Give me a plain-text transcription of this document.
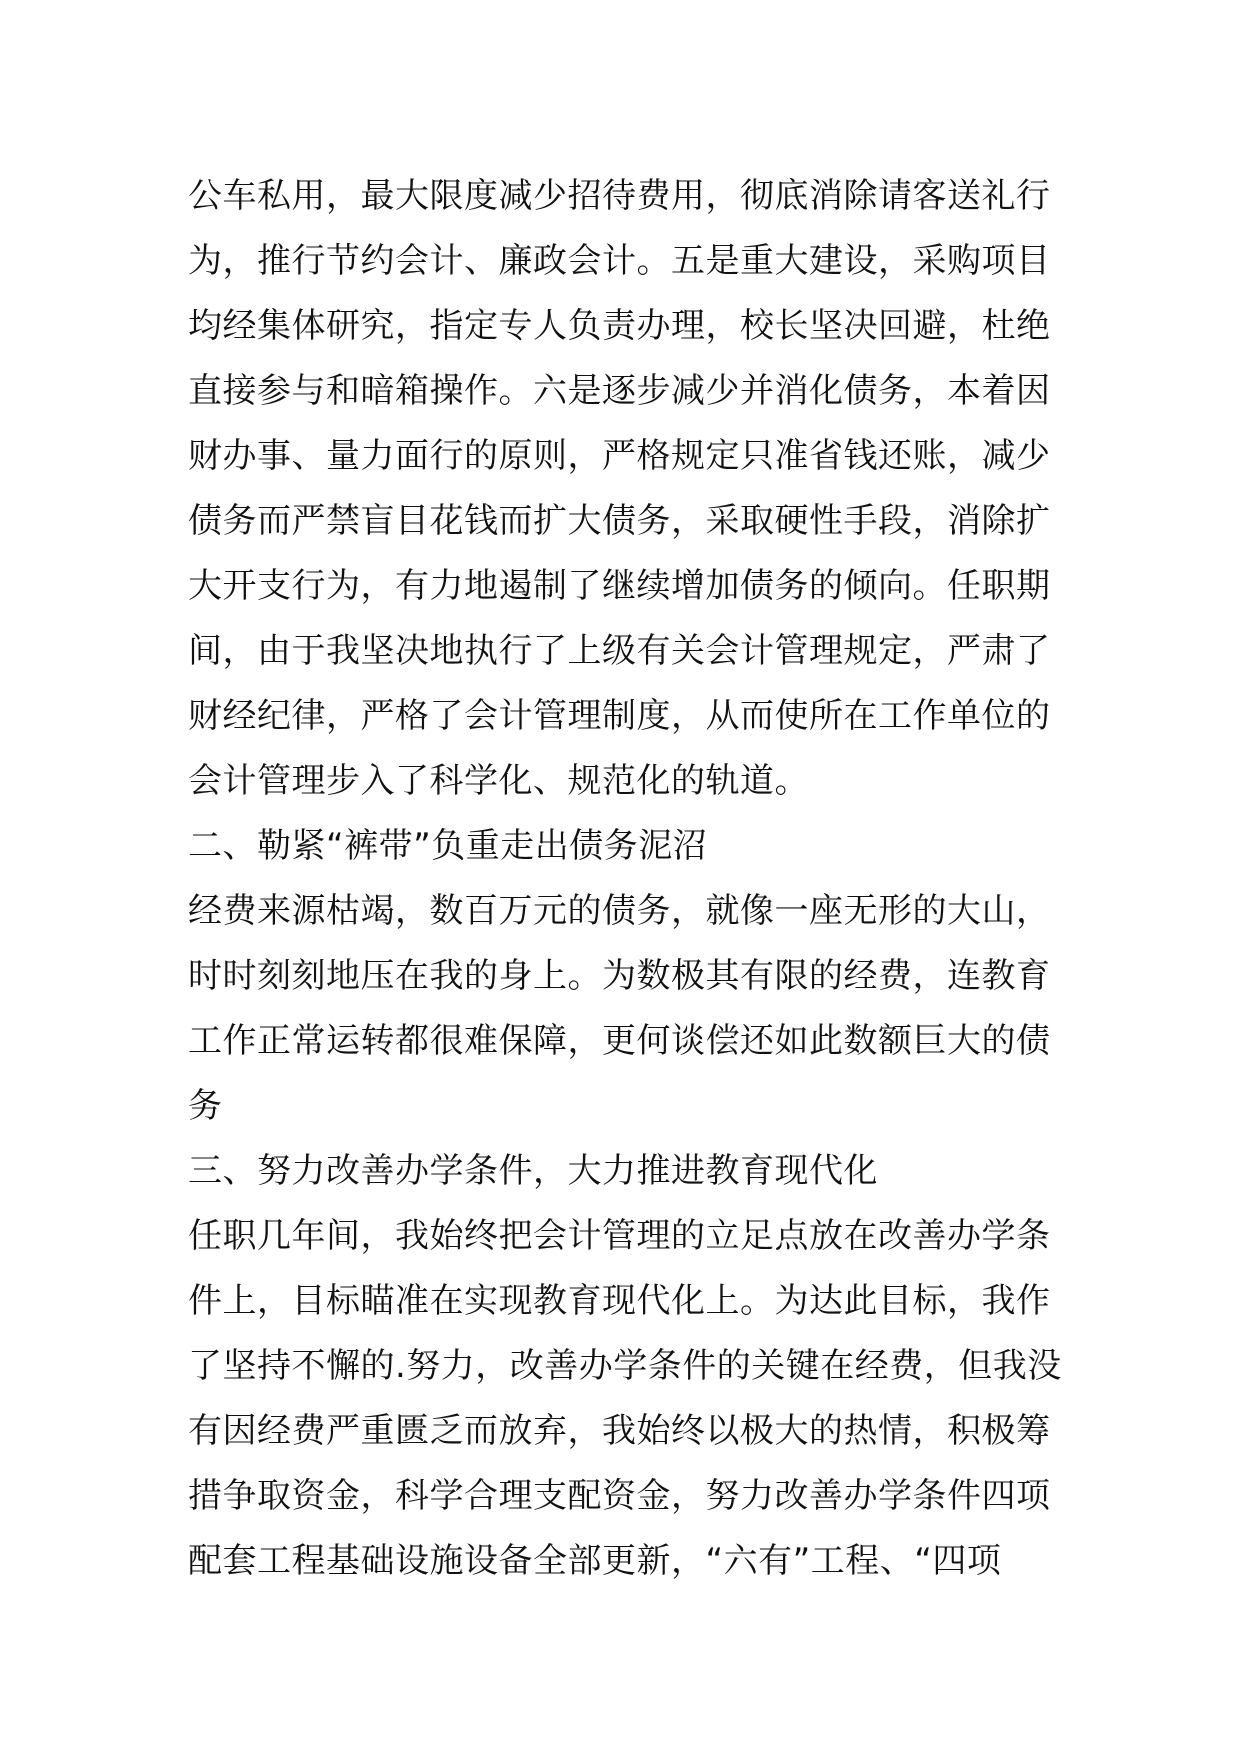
公车私用，最大限度减少招待费用，彻底消除请客送礼行
为，推行节约会计、廉政会计。五是重大建设，采购项目
均经集体研究，指定专人负责办理，校长坚决回避，杜绝
直接参与和暗箱操作。六是逐步减少并消化债务，本着因
财办事、量力面行的原则，严格规定只准省钱还账，减少
债务而严禁盲目花钱而扩大债务，采取硬性手段，消除扩
大开支行为，有力地遏制了继续增加债务的倾向。任职期
间，由于我坚决地执行了上级有关会计管理规定，严肃了
财经纪律，严格了会计管理制度，从而使所在工作单位的
会计管理步入了科学化、规范化的轨道。
二、勒紧“裤带”负重走出债务泥沼
经费来源枯竭，数百万元的债务，就像一座无形的大山，
时时刻刻地压在我的身上。为数极其有限的经费，连教育
工作正常运转都很难保障，更何谈偿还如此数额巨大的债
务
三、努力改善办学条件，大力推进教育现代化
任职几年间，我始终把会计管理的立足点放在改善办学条
件上，目标瞄准在实现教育现代化上。为达此目标，我作
了坚持不懈的.努力，改善办学条件的关键在经费，但我没
有因经费严重匮乏而放弃，我始终以极大的热情，积极筹
措争取资金，科学合理支配资金，努力改善办学条件四项
配套工程基础设施设备全部更新，“六有”工程、“四项
